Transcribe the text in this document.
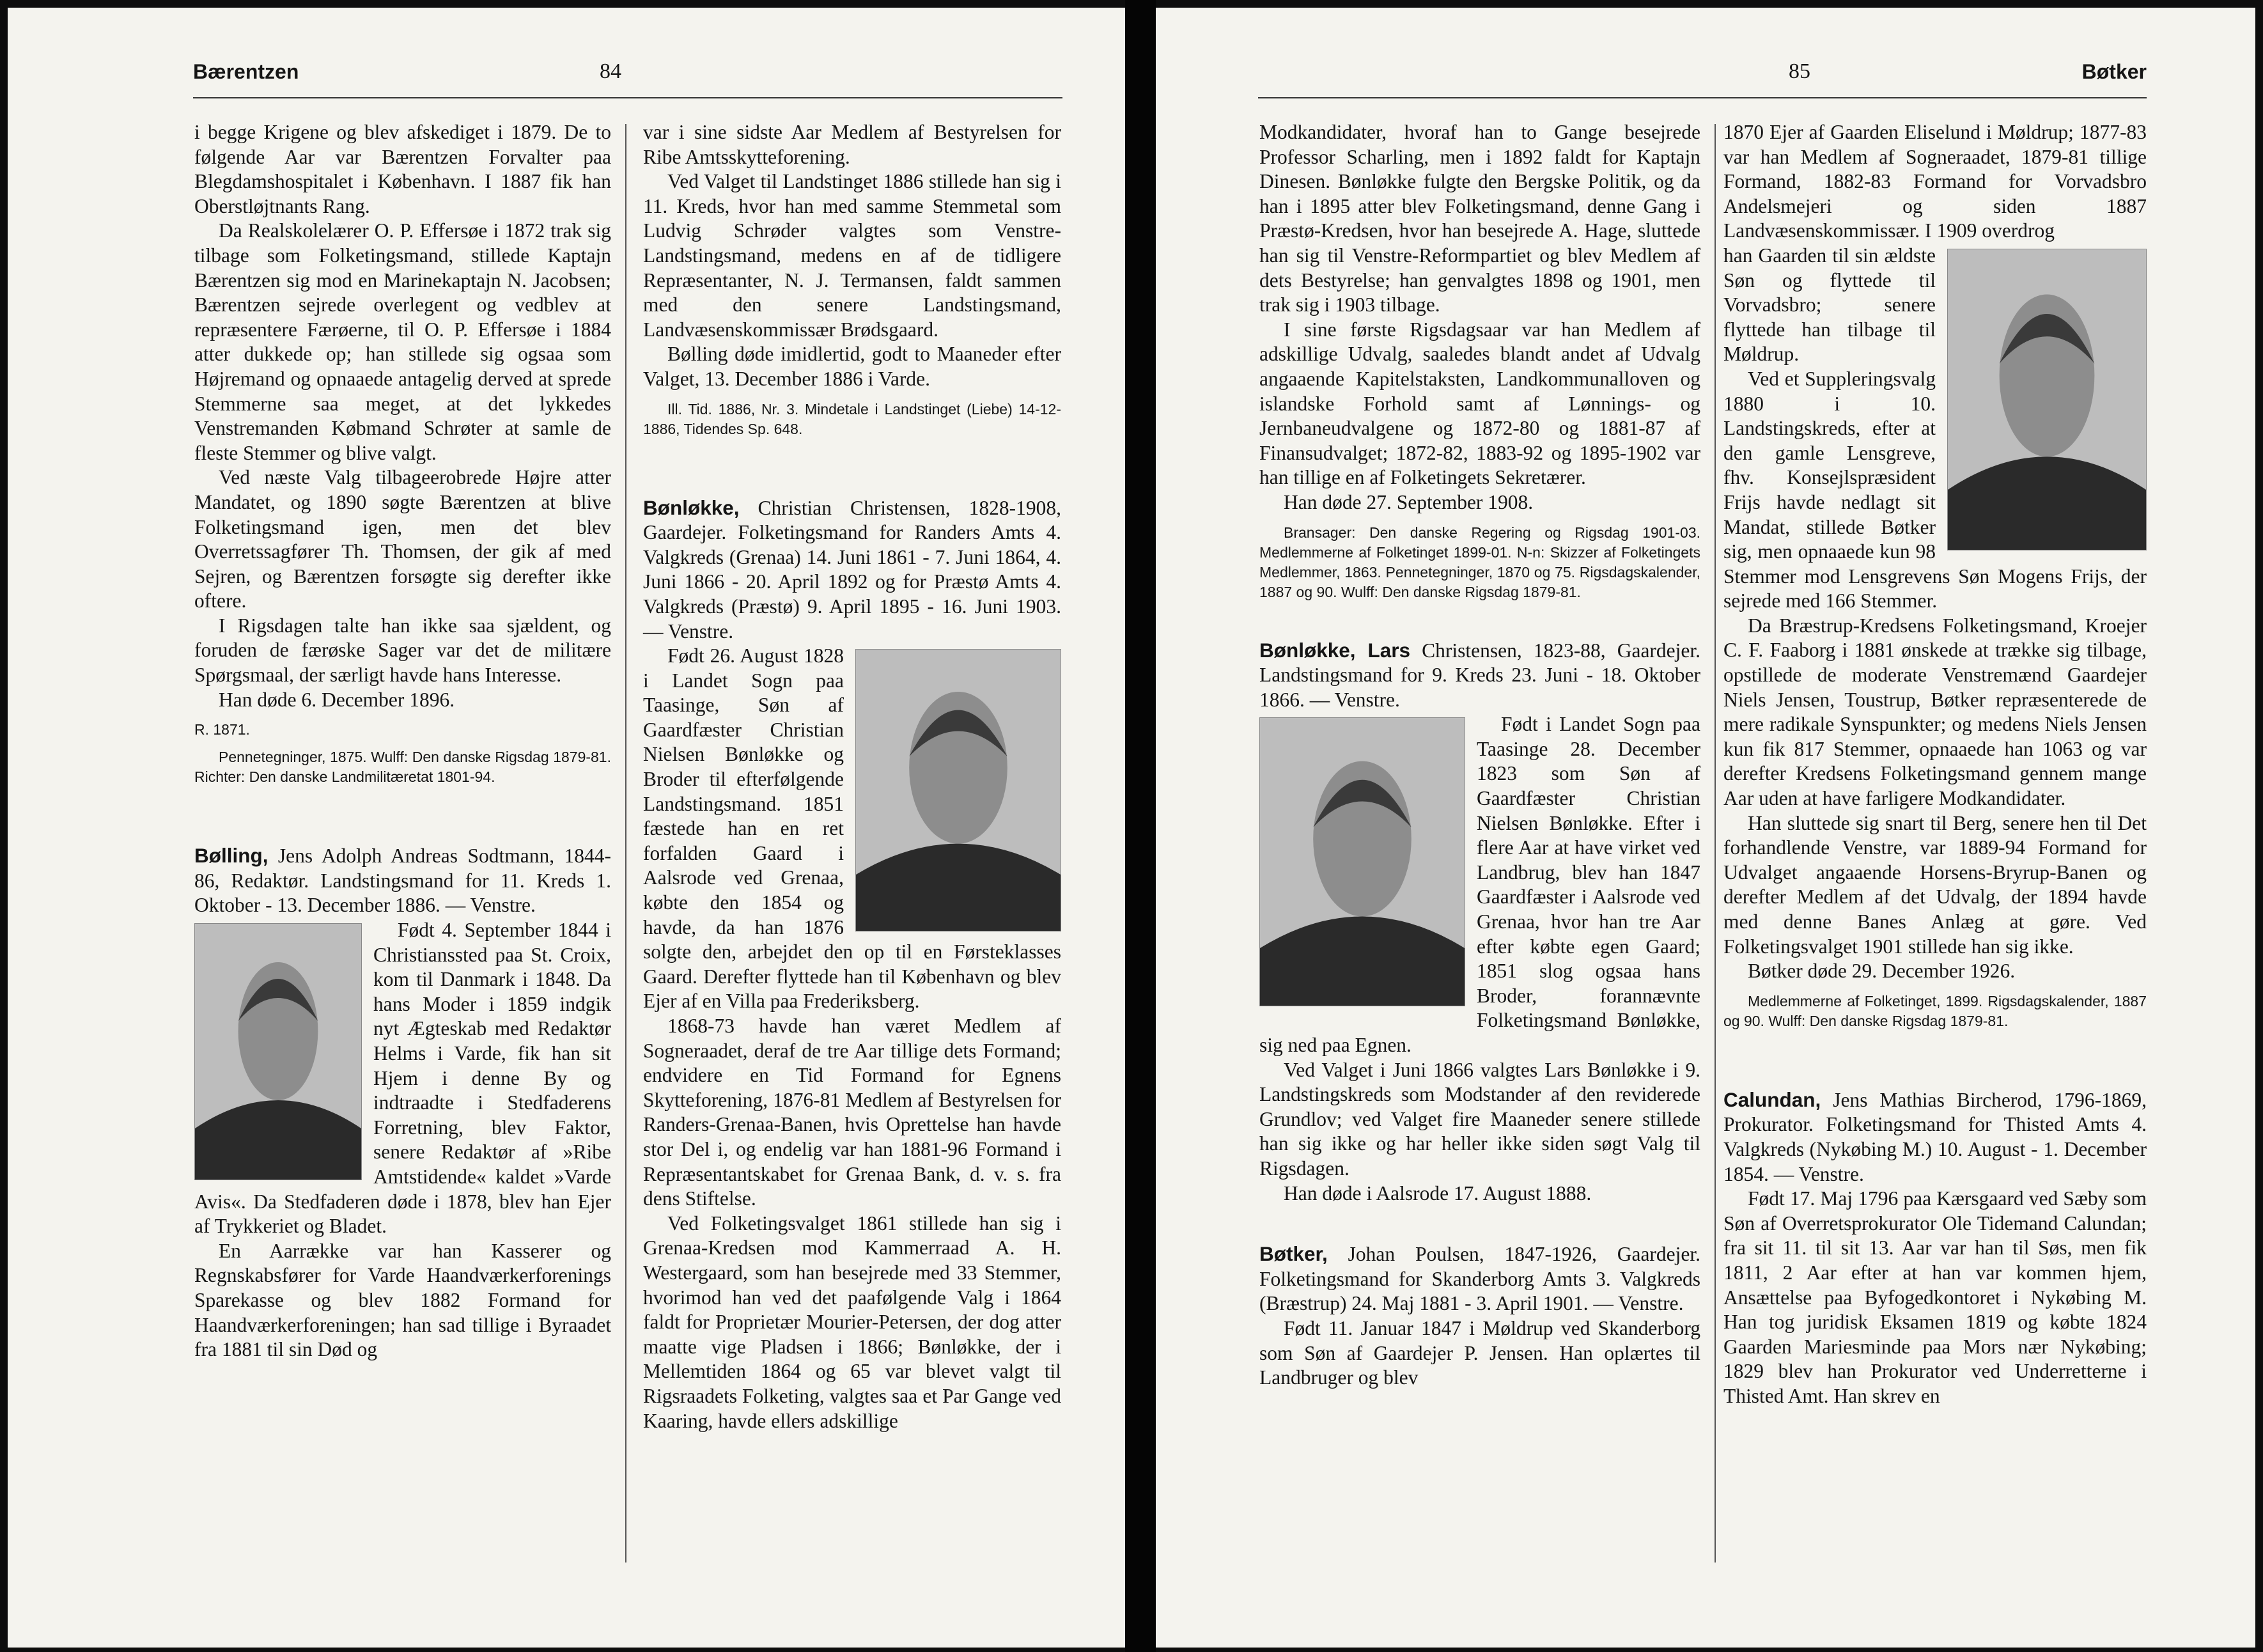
Bærentzen	84

i begge Krigene og blev afskediget i 1879. De to følgende Aar var Bærentzen Forvalter paa Blegdamshospitalet i København. I 1887 fik han Oberstløjtnants Rang.

Da Realskolelærer O. P. Effersøe i 1872 trak sig tilbage som Folketingsmand, stillede Kaptajn Bærentzen sig mod en Marinekaptajn N. Jacobsen; Bærentzen sejrede overlegent og vedblev at repræsentere Færøerne, til O. P. Effersøe i 1884 atter dukkede op; han stillede sig ogsaa som Højremand og opnaaede antagelig derved at sprede Stemmerne saa meget, at det lykkedes Venstremanden Købmand Schrøter at samle de fleste Stemmer og blive valgt.

Ved næste Valg tilbageerobrede Højre atter Mandatet, og 1890 søgte Bærentzen at blive Folketingsmand igen, men det blev Overretssagfører Th. Thomsen, der gik af med Sejren, og Bærentzen forsøgte sig derefter ikke oftere.

I Rigsdagen talte han ikke saa sjældent, og foruden de færøske Sager var det de militære Spørgsmaal, der særligt havde hans Interesse.

Han døde 6. December 1896.

R. 1871.

Pennetegninger, 1875. Wulff: Den danske Rigsdag 1879-81. Richter: Den danske Landmilitæretat 1801-94.

Bølling, Jens Adolph Andreas Sodtmann, 1844-86, Redaktør. Landstingsmand for 11. Kreds 1. Oktober - 13. December 1886. — Venstre.

Født 4. September 1844 i Christianssted paa St. Croix, kom til Danmark i 1848. Da hans Moder i 1859 indgik nyt Ægteskab med Redaktør Helms i Varde, fik han sit Hjem i denne By og indtraadte i Stedfaderens Forretning, blev Faktor, senere Redaktør af »Ribe Amtstidende« kaldet »Varde Avis«. Da Stedfaderen døde i 1878, blev han Ejer af Trykkeriet og Bladet.

En Aarrække var han Kasserer og Regnskabsfører for Varde Haandværkerforenings Sparekasse og blev 1882 Formand for Haandværkerforeningen; han sad tillige i Byraadet fra 1881 til sin Død og

var i sine sidste Aar Medlem af Bestyrelsen for Ribe Amtsskytteforening.

Ved Valget til Landstinget 1886 stillede han sig i 11. Kreds, hvor han med samme Stemmetal som Ludvig Schrøder valgtes som Venstre-Landstingsmand, medens en af de tidligere Repræsentanter, N. J. Termansen, faldt sammen med den senere Landstingsmand, Landvæsenskommissær Brødsgaard.

Bølling døde imidlertid, godt to Maaneder efter Valget, 13. December 1886 i Varde.

Ill. Tid. 1886, Nr. 3. Mindetale i Landstinget (Liebe) 14-12-1886, Tidendes Sp. 648.

Bønløkke, Christian Christensen, 1828-1908, Gaardejer. Folketingsmand for Randers Amts 4. Valgkreds (Grenaa) 14. Juni 1861 - 7. Juni 1864, 4. Juni 1866 - 20. April 1892 og for Præstø Amts 4. Valgkreds (Præstø) 9. April 1895 - 16. Juni 1903. — Venstre.

Født 26. August 1828 i Landet Sogn paa Taasinge, Søn af Gaardfæster Christian Nielsen Bønløkke og Broder til efterfølgende Landstingsmand. 1851 fæstede han en ret forfalden Gaard i Aalsrode ved Grenaa, købte den 1854 og havde, da han 1876 solgte den, arbejdet den op til en Førsteklasses Gaard. Derefter flyttede han til København og blev Ejer af en Villa paa Frederiksberg.

1868-73 havde han været Medlem af Sogneraadet, deraf de tre Aar tillige dets Formand; endvidere en Tid Formand for Egnens Skytteforening, 1876-81 Medlem af Bestyrelsen for Randers-Grenaa-Banen, hvis Oprettelse han havde stor Del i, og endelig var han 1881-96 Formand i Repræsentantskabet for Grenaa Bank, d. v. s. fra dens Stiftelse.

Ved Folketingsvalget 1861 stillede han sig i Grenaa-Kredsen mod Kammerraad A. H. Westergaard, som han besejrede med 33 Stemmer, hvorimod han ved det paafølgende Valg i 1864 faldt for Proprietær Mourier-Petersen, der dog atter maatte vige Pladsen i 1866; Bønløkke, der i Mellemtiden 1864 og 65 var blevet valgt til Rigsraadets Folketing, valgtes saa et Par Gange ved Kaaring, havde ellers adskillige

85	Bøtker

Modkandidater, hvoraf han to Gange besejrede Professor Scharling, men i 1892 faldt for Kaptajn Dinesen. Bønløkke fulgte den Bergske Politik, og da han i 1895 atter blev Folketingsmand, denne Gang i Præstø-Kredsen, hvor han besejrede A. Hage, sluttede han sig til Venstre-Reformpartiet og blev Medlem af dets Bestyrelse; han genvalgtes 1898 og 1901, men trak sig i 1903 tilbage.

I sine første Rigsdagsaar var han Medlem af adskillige Udvalg, saaledes blandt andet af Udvalg angaaende Kapitelstaksten, Landkommunalloven og islandske Forhold samt af Lønnings- og Jernbaneudvalgene og 1872-80 og 1881-87 af Finansudvalget; 1872-82, 1883-92 og 1895-1902 var han tillige en af Folketingets Sekretærer.

Han døde 27. September 1908.

Bransager: Den danske Regering og Rigsdag 1901-03. Medlemmerne af Folketinget 1899-01. N-n: Skizzer af Folketingets Medlemmer, 1863. Pennetegninger, 1870 og 75. Rigsdagskalender, 1887 og 90. Wulff: Den danske Rigsdag 1879-81.

Bønløkke, Lars Christensen, 1823-88, Gaardejer. Landstingsmand for 9. Kreds 23. Juni - 18. Oktober 1866. — Venstre.

Født i Landet Sogn paa Taasinge 28. December 1823 som Søn af Gaardfæster Christian Nielsen Bønløkke. Efter i flere Aar at have virket ved Landbrug, blev han 1847 Gaardfæster i Aalsrode ved Grenaa, hvor han tre Aar efter købte egen Gaard; 1851 slog ogsaa hans Broder, forannævnte Folketingsmand Bønløkke, sig ned paa Egnen.

Ved Valget i Juni 1866 valgtes Lars Bønløkke i 9. Landstingskreds som Modstander af den reviderede Grundlov; ved Valget fire Maaneder senere stillede han sig ikke og har heller ikke siden søgt Valg til Rigsdagen.

Han døde i Aalsrode 17. August 1888.

Bøtker, Johan Poulsen, 1847-1926, Gaardejer. Folketingsmand for Skanderborg Amts 3. Valgkreds (Bræstrup) 24. Maj 1881 - 3. April 1901. — Venstre.

Født 11. Januar 1847 i Møldrup ved Skanderborg som Søn af Gaardejer P. Jensen. Han oplærtes til Landbruger og blev

1870 Ejer af Gaarden Eliselund i Møldrup; 1877-83 var han Medlem af Sogneraadet, 1879-81 tillige Formand, 1882-83 Formand for Vorvadsbro Andelsmejeri og siden 1887 Landvæsenskommissær. I 1909 overdrog

han Gaarden til sin ældste Søn og flyttede til Vorvadsbro; senere flyttede han tilbage til Møldrup.

Ved et Suppleringsvalg 1880 i 10. Landstingskreds, efter at den gamle Lensgreve, fhv. Konsejlspræsident Frijs havde nedlagt sit Mandat, stillede Bøtker sig, men opnaaede kun 98 Stemmer mod Lensgrevens Søn Mogens Frijs, der sejrede med 166 Stemmer.

Da Bræstrup-Kredsens Folketingsmand, Kroejer C. F. Faaborg i 1881 ønskede at trække sig tilbage, opstillede de moderate Venstremænd Gaardejer Niels Jensen, Toustrup, Bøtker repræsenterede de mere radikale Synspunkter; og medens Niels Jensen kun fik 817 Stemmer, opnaaede han 1063 og var derefter Kredsens Folketingsmand gennem mange Aar uden at have farligere Modkandidater.

Han sluttede sig snart til Berg, senere hen til Det forhandlende Venstre, var 1889-94 Formand for Udvalget angaaende Horsens-Bryrup-Banen og derefter Medlem af det Udvalg, der 1894 havde med denne Banes Anlæg at gøre. Ved Folketingsvalget 1901 stillede han sig ikke.

Bøtker døde 29. December 1926.

Medlemmerne af Folketinget, 1899. Rigsdagskalender, 1887 og 90. Wulff: Den danske Rigsdag 1879-81.

Calundan, Jens Mathias Bircherod, 1796-1869, Prokurator. Folketingsmand for Thisted Amts 4. Valgkreds (Nykøbing M.) 10. August - 1. December 1854. — Venstre.

Født 17. Maj 1796 paa Kærsgaard ved Sæby som Søn af Overretsprokurator Ole Tidemand Calundan; fra sit 11. til sit 13. Aar var han til Søs, men fik 1811, 2 Aar efter at han var kommen hjem, Ansættelse paa Byfogedkontoret i Nykøbing M. Han tog juridisk Eksamen 1819 og købte 1824 Gaarden Mariesminde paa Mors nær Nykøbing; 1829 blev han Prokurator ved Underretterne i Thisted Amt. Han skrev en
